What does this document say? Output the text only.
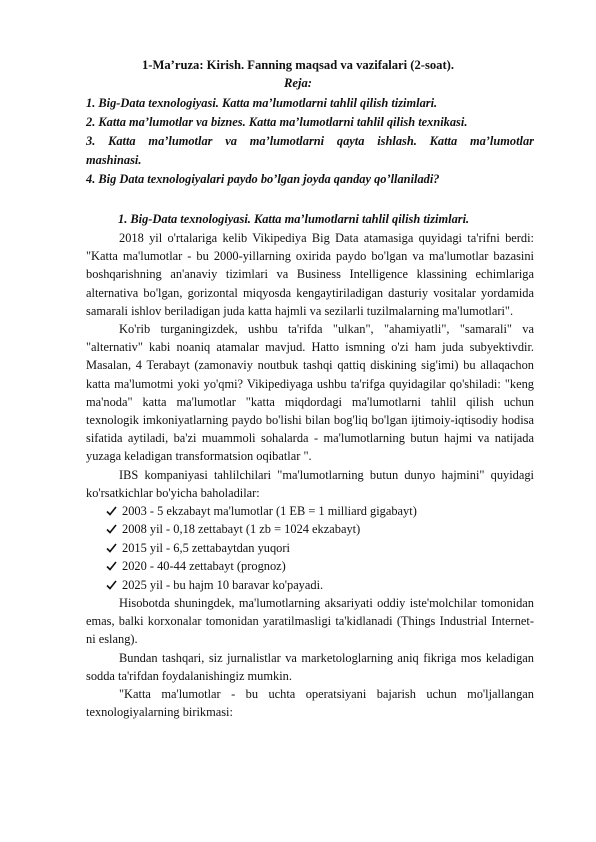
1-Ma’ruza: Kirish. Fanning maqsad va vazifalari (2-soat).
Reja:

1. Big-Data texnologiyasi. Katta ma’lumotlarni tahlil qilish tizimlari.

2. Katta ma’lumotlar va biznes. Katta ma’lumotlarni tahlil qilish texnikasi.

3. Katta ma’lumotlar va ma’lumotlarni qayta ishlash. Katta ma’lumotlar

mashinasi.

4. Big Data texnologiyalari paydo bo’lgan joyda qanday qo’llaniladi?

1. Big-Data texnologiyasi. Katta ma’lumotlarni tahlil qilish tizimlari.

2018 yil o'rtalariga kelib Vikipediya Big Data atamasiga quyidagi ta'rifni berdi: "Katta ma'lumotlar - bu 2000-yillarning oxirida paydo bo'lgan va ma'lumotlar bazasini boshqarishning an'anaviy tizimlari va Business Intelligence klassining echimlariga alternativa bo'lgan, gorizontal miqyosda kengaytiriladigan dasturiy vositalar yordamida samarali ishlov beriladigan juda katta hajmli va sezilarli tuzilmalarning ma'lumotlari".

Ko'rib turganingizdek, ushbu ta'rifda "ulkan", "ahamiyatli", "samarali" va "alternativ" kabi noaniq atamalar mavjud. Hatto ismning o'zi ham juda subyektivdir. Masalan, 4 Terabayt (zamonaviy noutbuk tashqi qattiq diskining sig'imi) bu allaqachon katta ma'lumotmi yoki yo'qmi? Vikipediyaga ushbu ta'rifga quyidagilar qo'shiladi: "keng ma'noda" katta ma'lumotlar "katta miqdordagi ma'lumotlarni tahlil qilish uchun texnologik imkoniyatlarning paydo bo'lishi bilan bog'liq bo'lgan ijtimoiy-iqtisodiy hodisa sifatida aytiladi, ba'zi muammoli sohalarda - ma'lumotlarning butun hajmi va natijada yuzaga keladigan transformatsion oqibatlar ".

IBS kompaniyasi tahlilchilari "ma'lumotlarning butun dunyo hajmini" quyidagi ko'rsatkichlar bo'yicha baholadilar:

2003 - 5 ekzabayt ma'lumotlar (1 EB = 1 milliard gigabayt)
2008 yil - 0,18 zettabayt (1 zb = 1024 ekzabayt)
2015 yil - 6,5 zettabaytdan yuqori
2020 - 40-44 zettabayt (prognoz)
2025 yil - bu hajm 10 baravar ko'payadi.

Hisobotda shuningdek, ma'lumotlarning aksariyati oddiy iste'molchilar tomonidan emas, balki korxonalar tomonidan yaratilmasligi ta'kidlanadi (Things Industrial Internet-ni eslang).

Bundan tashqari, siz jurnalistlar va marketologlarning aniq fikriga mos keladigan sodda ta'rifdan foydalanishingiz mumkin.

"Katta ma'lumotlar - bu uchta operatsiyani bajarish uchun mo'ljallangan texnologiyalarning birikmasi:
